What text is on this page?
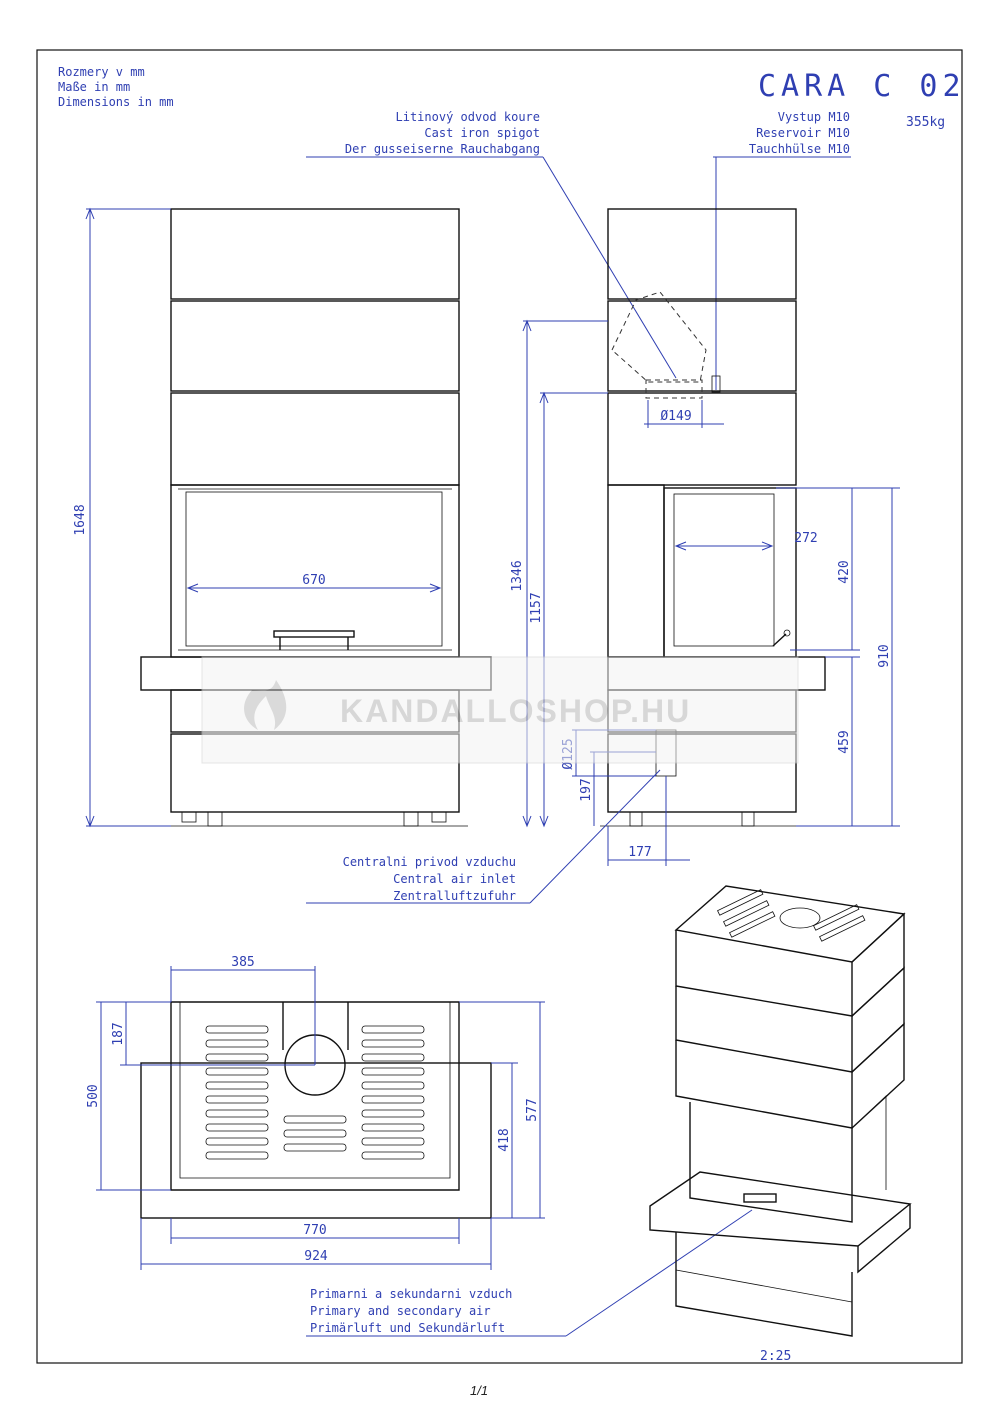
Rozmery v mm
Maße in mm
Dimensions in mm	CARA C 02
355kg
Litinový odvod koure
Cast iron spigot
Der gusseiserne Rauchabgang
Vystup M10
Reservoir M10
Tauchhülse M10
1648
670	1346
1157
Ø149
272
420
910
459
197
177
Centralni privod vzduchu
Central air inlet
Zentralluftzufuhr
385
187
500
418
577
770
924
Primarni a sekundarni vzduch
Primary and secondary air
Primärluft und Sekundärluft
2:25
KANDALLOSHOP.HU
1/1
